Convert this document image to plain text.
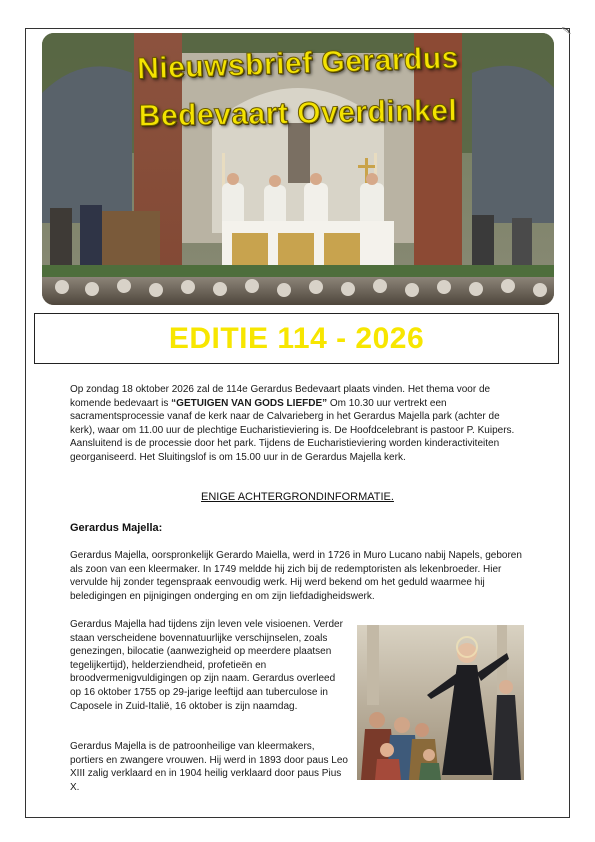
Nieuwsbrief Gerardus
Bedevaart Overdinkel
EDITIE 114 - 2026
Op zondag 18 oktober 2026 zal de 114e Gerardus Bedevaart plaats vinden. Het thema voor de komende bedevaart is “GETUIGEN VAN GODS LIEFDE” Om 10.30 uur vertrekt een sacramentsprocessie vanaf de kerk naar de Calvarieberg in het Gerardus Majella park (achter de kerk), waar om 11.00 uur de plechtige Eucharistieviering is. De Hoofdcelebrant is pastoor P. Kuipers. Aansluitend is de processie door het park. Tijdens de Eucharistieviering worden kinderactiviteiten georganiseerd. Het Sluitingslof is om 15.00 uur in de Gerardus Majella kerk.
ENIGE ACHTERGRONDINFORMATIE.
Gerardus Majella:
Gerardus Majella, oorspronkelijk Gerardo Maiella, werd in 1726 in Muro Lucano nabij Napels, geboren als zoon van een kleermaker. In 1749 meldde hij zich bij de redemptoristen als lekenbroeder. Hier vervulde hij zonder tegenspraak eenvoudig werk. Hij werd bekend om het geduld waarmee hij beledigingen en pijnigingen onderging en om zijn liefdadigheidswerk.
Gerardus Majella had tijdens zijn leven vele visioenen. Verder staan verscheidene bovennatuurlijke verschijnselen, zoals genezingen, bilocatie (aanwezigheid op meerdere plaatsen tegelijkertijd), helderziendheid, profetieën en broodvermenigvuldigingen op zijn naam. Gerardus overleed op 16 oktober 1755 op 29-jarige leeftijd aan tuberculose in Caposele in Zuid-Italië, 16 oktober is zijn naamdag.
Gerardus Majella is de patroonheilige van kleermakers, portiers en zwangere vrouwen. Hij werd in 1893 door paus Leo XIII zalig verklaard en in 1904 heilig verklaard door paus Pius X.
